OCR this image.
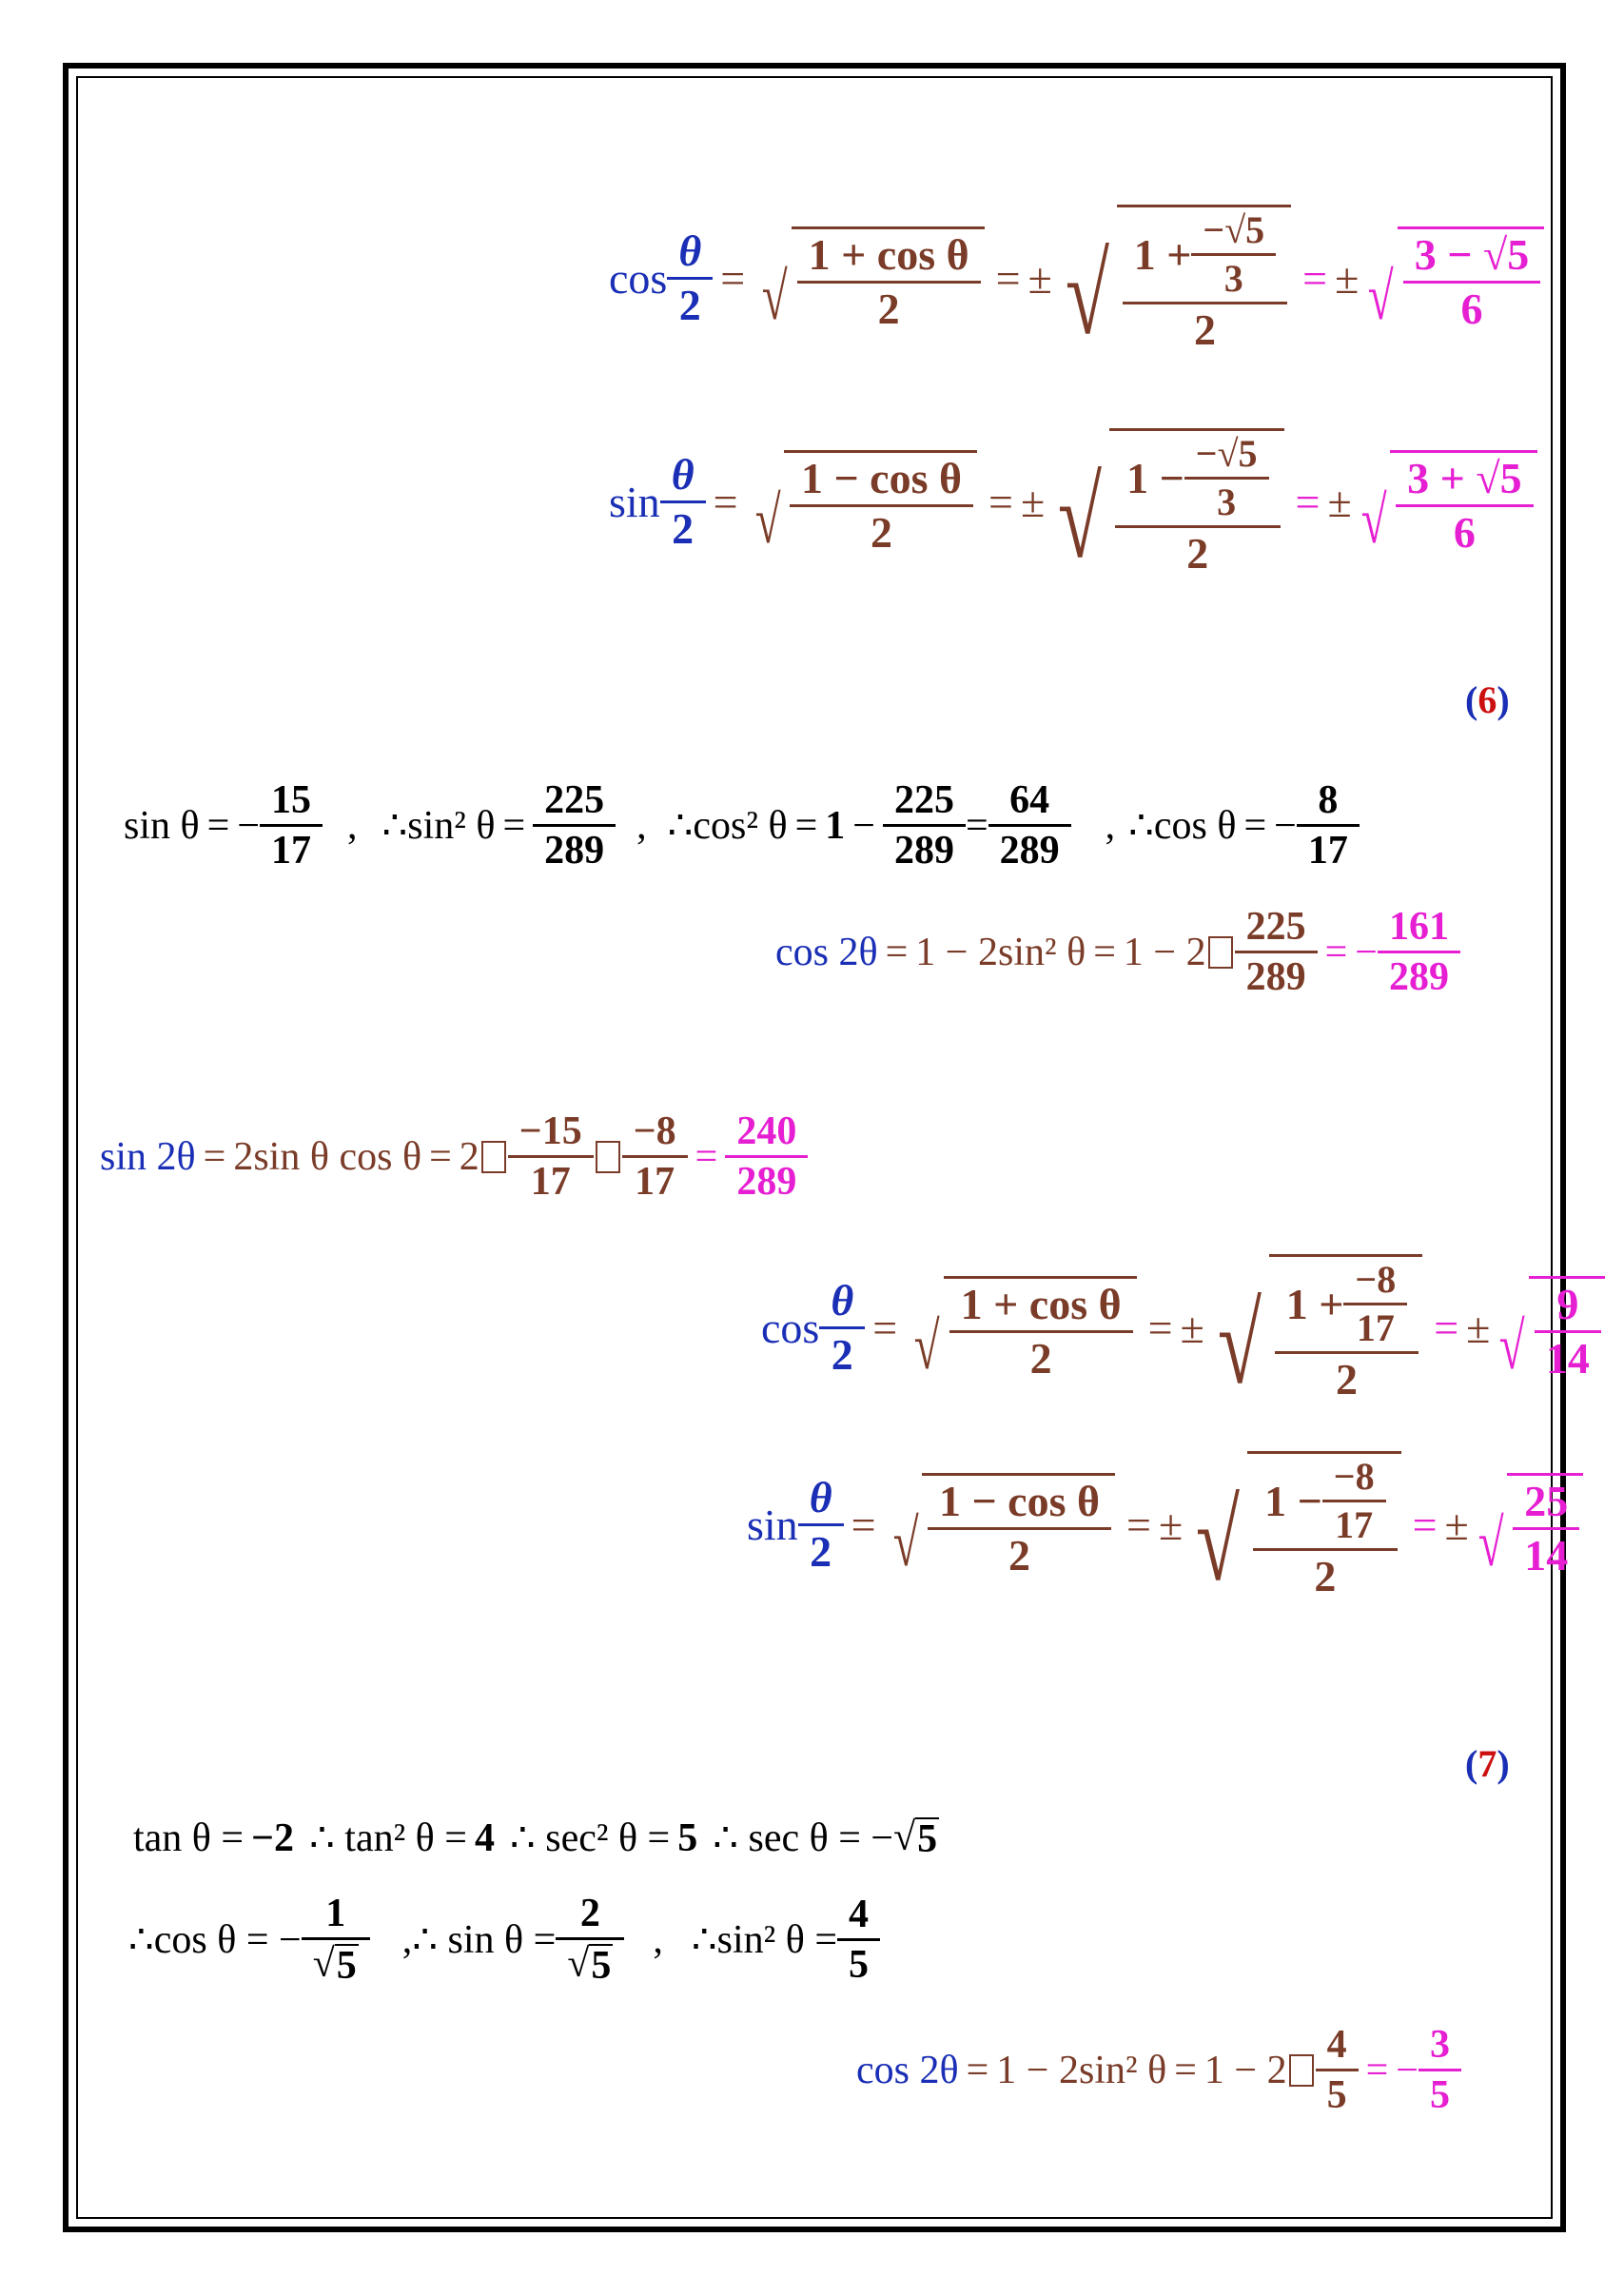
$\cos \frac{\theta}{2}$ = √ $\frac{\text{1 + cos θ}}{2}$ = ± √ $\frac{1 + \frac{-√5}{3}}{2}$ = ± √ $\frac{3 - √5}{6}$
$\sin \frac{\theta}{2}$ = √ $\frac{\text{1 − cos θ}}{2}$ = ± √ $\frac{1 - \frac{-√5}{3}}{2}$ = ± √ $\frac{3 + √5}{6}$
(6)
sin θ = − $\frac{15}{17}$ , ∴sin² $\theta = \frac{225}{289}$ , ∴cos² $\theta = 1 - \frac{225}{289} = \frac{64}{289}$ , ∴cos θ = − $\frac{8}{17}$
cos 2θ = 1 − 2sin² $\theta = 1 - 2 \frac{225}{289}$ = − $\frac{161}{289}$
sin 2θ = 2sin θ $\cos \theta = 2 \frac{-15}{17} \frac{-8}{17} = \frac{240}{289}$
$\cos \frac{\theta}{2}$ = √ $\frac{\text{1 + cos θ}}{2}$ = ± √ $\frac{1 + \frac{-8}{17}}{2}$ = ± √ $\frac{9}{14}$
$\sin \frac{\theta}{2}$ = √ $\frac{\text{1 − cos θ}}{2}$ = ± √ $\frac{1 - \frac{-8}{17}}{2}$ = ± √ $\frac{25}{14}$
(7)
tan θ = −2 ∴ tan² θ = 4 ∴ sec² θ = 5 ∴ sec θ = − √ 5
∴cos θ = − $\frac{1}{√ 5}$ ,∴ $\sin \theta = \frac{2}{√ 5}$ , ∴sin² $\theta = \frac{4}{5}$
cos 2θ = 1 − 2sin² $\theta = 1 - 2 \frac{4}{5}$ = − $\frac{3}{5}$
